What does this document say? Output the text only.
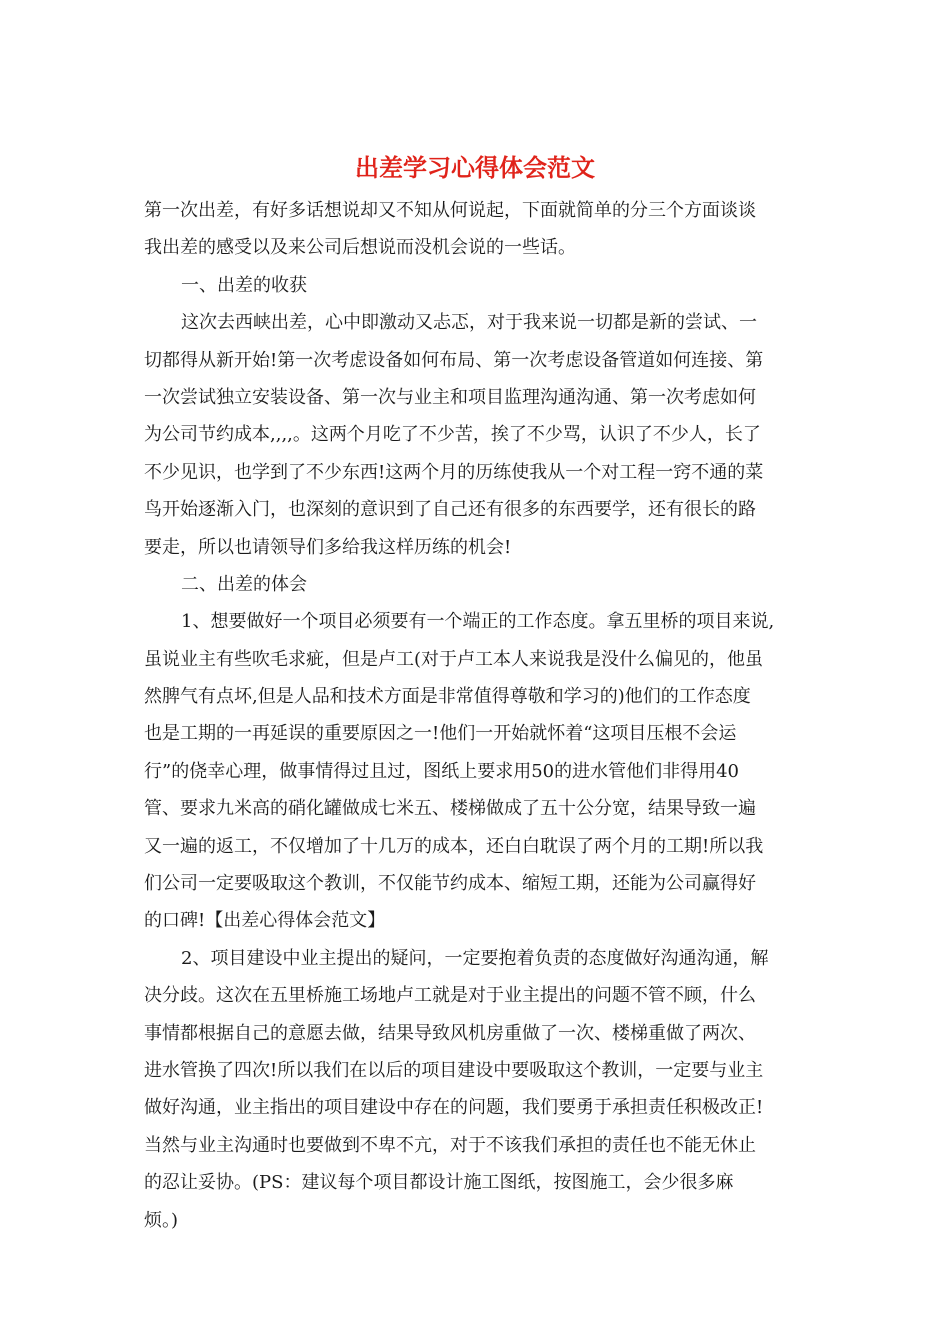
出差学习心得体会范文
第一次出差，有好多话想说却又不知从何说起，下面就简单的分三个方面谈谈
我出差的感受以及来公司后想说而没机会说的一些话。
一、出差的收获
这次去西峡出差，心中即激动又忐忑，对于我来说一切都是新的尝试、一
切都得从新开始!第一次考虑设备如何布局、第一次考虑设备管道如何连接、第
一次尝试独立安装设备、第一次与业主和项目监理沟通沟通、第一次考虑如何
为公司节约成本,,,,。这两个月吃了不少苦，挨了不少骂，认识了不少人，长了
不少见识，也学到了不少东西!这两个月的历练使我从一个对工程一窍不通的菜
鸟开始逐渐入门，也深刻的意识到了自己还有很多的东西要学，还有很长的路
要走，所以也请领导们多给我这样历练的机会!
二、出差的体会
1、想要做好一个项目必须要有一个端正的工作态度。拿五里桥的项目来说,
虽说业主有些吹毛求疵，但是卢工(对于卢工本人来说我是没什么偏见的，他虽
然脾气有点坏,但是人品和技术方面是非常值得尊敬和学习的)他们的工作态度
也是工期的一再延误的重要原因之一!他们一开始就怀着“这项目压根不会运
行”的侥幸心理，做事情得过且过，图纸上要求用50的进水管他们非得用40
管、要求九米高的硝化罐做成七米五、楼梯做成了五十公分宽，结果导致一遍
又一遍的返工，不仅增加了十几万的成本，还白白耽误了两个月的工期!所以我
们公司一定要吸取这个教训，不仅能节约成本、缩短工期，还能为公司赢得好
的口碑!【出差心得体会范文】
2、项目建设中业主提出的疑问，一定要抱着负责的态度做好沟通沟通，解
决分歧。这次在五里桥施工场地卢工就是对于业主提出的问题不管不顾，什么
事情都根据自己的意愿去做，结果导致风机房重做了一次、楼梯重做了两次、
进水管换了四次!所以我们在以后的项目建设中要吸取这个教训，一定要与业主
做好沟通，业主指出的项目建设中存在的问题，我们要勇于承担责任积极改正!
当然与业主沟通时也要做到不卑不亢，对于不该我们承担的责任也不能无休止
的忍让妥协。(PS：建议每个项目都设计施工图纸，按图施工，会少很多麻
烦。)
